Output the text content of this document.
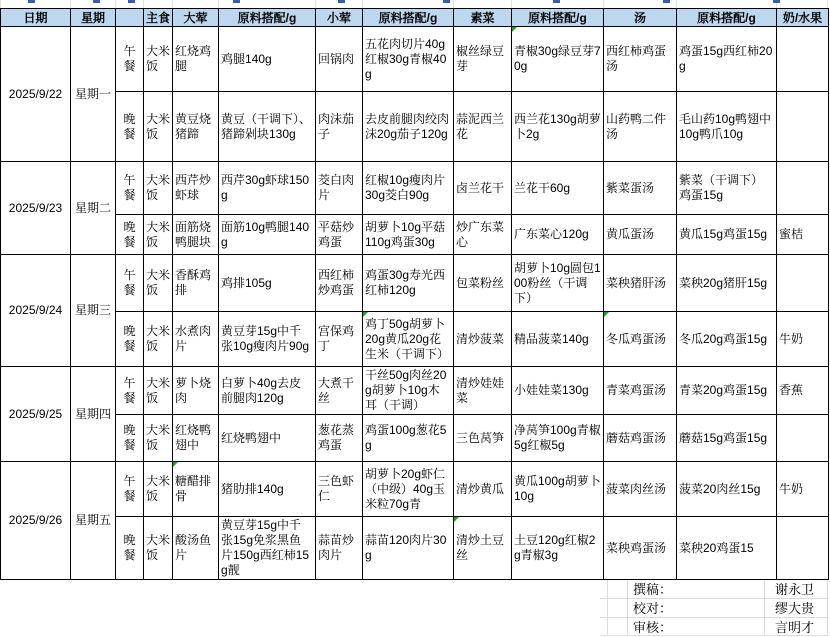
日期	星期		主食	大荤	原料搭配/g	小荤	原料搭配/g	素菜	原料搭配/g	汤	原料搭配/g	奶/水果
2025/9/22	星期一	午餐	大米饭	红烧鸡腿	鸡腿140g	回锅肉	五花肉切片40g红椒30g青椒40g	椒丝绿豆芽	青椒30g绿豆芽70g	西红柿鸡蛋汤	鸡蛋15g西红柿20g	
		晚餐	大米饭	黄豆烧猪蹄	黄豆（干调下）、猪蹄剁块130g	肉沫茄子	去皮前腿肉绞肉沫20g茄子120g	蒜泥西兰花	西兰花130g胡萝卜2g	山药鸭二件汤	毛山药10g鸭翅中10g鸭爪10g	
2025/9/23	星期二	午餐	大米饭	西芹炒虾球	西芹30g虾球150g	茭白肉片	红椒10g瘦肉片30g茭白90g	卤兰花干	兰花干60g	紫菜蛋汤	紫菜（干调下）鸡蛋15g	
		晚餐	大米饭	面筋烧鸭腿块	面筋10g鸭腿140g	平菇炒鸡蛋	胡萝卜10g平菇110g鸡蛋30g	炒广东菜心	广东菜心120g	黄瓜蛋汤	黄瓜15g鸡蛋15g	蜜桔
2025/9/24	星期三	午餐	大米饭	香酥鸡排	鸡排105g	西红柿炒鸡蛋	鸡蛋30g寿光西红柿120g	包菜粉丝	胡萝卜10g圆包100粉丝（干调下）	菜秧猪肝汤	菜秧20g猪肝15g	
		晚餐	大米饭	水煮肉片	黄豆芽15g中千张10g瘦肉片90g	宫保鸡丁	鸡丁50g胡萝卜20g黄瓜20g花生米（干调下）	清炒菠菜	精品菠菜140g	冬瓜鸡蛋汤	冬瓜20g鸡蛋15g	牛奶
2025/9/25	星期四	午餐	大米饭	萝卜烧肉	白萝卜40g去皮前腿肉120g	大煮干丝	干丝50g肉丝20g胡萝卜10g木耳（干调）	清炒娃娃菜	小娃娃菜130g	青菜鸡蛋汤	青菜20g鸡蛋15g	香蕉
		晚餐	大米饭	红烧鸭翅中	红烧鸭翅中	葱花蒸鸡蛋	鸡蛋100g葱花5g	三色莴笋	净莴笋100g青椒5g红椒5g	蘑菇鸡蛋汤	蘑菇15g鸡蛋15g	
2025/9/26	星期五	午餐	大米饭	糖醋排骨	猪肋排140g	三色虾仁	胡萝卜20g虾仁（中级）40g玉米粒70g青	清炒黄瓜	黄瓜100g胡萝卜10g	菠菜肉丝汤	菠菜20肉丝15g	牛奶
		晚餐	大米饭	酸汤鱼片	黄豆芽15g中千张15g免浆黑鱼片150g西红柿15g靓	蒜苗炒肉片	蒜苗120肉片30g	清炒土豆丝	土豆120g红椒2g青椒3g	菜秧鸡蛋汤	菜秧20鸡蛋15	
撰稿：	谢永卫
校对：	缪大贵
审核：	言明才
